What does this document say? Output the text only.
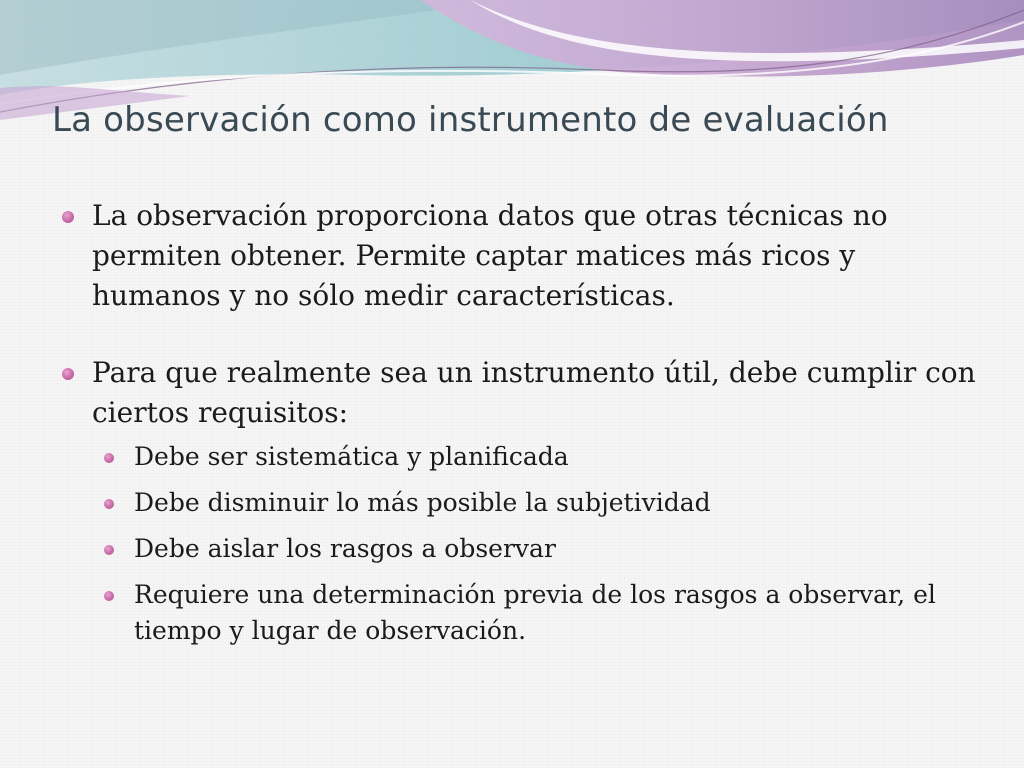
La observación como instrumento de evaluación

La observación proporciona datos que otras técnicas no permiten obtener. Permite captar matices más ricos y humanos y no sólo medir características.

Para que realmente sea un instrumento útil, debe cumplir con ciertos requisitos:
Debe ser sistemática y planificada
Debe disminuir lo más posible la subjetividad
Debe aislar los rasgos a observar
Requiere una determinación previa de los rasgos a observar, el tiempo y lugar de observación.
